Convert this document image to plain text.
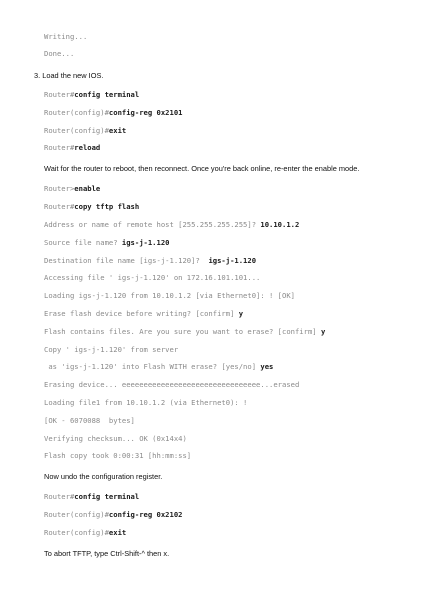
Writing...
Done...
3. Load the new IOS.
Router#config terminal
Router(config)#config-reg 0x2101
Router(config)#exit
Router#reload
Wait for the router to reboot, then reconnect. Once you're back online, re-enter the enable mode.
Router>enable
Router#copy tftp flash
Address or name of remote host [255.255.255.255]? 10.10.1.2
Source file name? igs-j-1.120
Destination file name [igs-j-1.120]?  igs-j-1.120
Accessing file ' igs-j-1.120' on 172.16.101.101...
Loading igs-j-1.120 from 10.10.1.2 [via Ethernet0]: ! [OK]
Erase flash device before writing? [confirm] y
Flash contains files. Are you sure you want to erase? [confirm] y
Copy ' igs-j-1.120' from server
as 'igs-j-1.120' into Flash WITH erase? [yes/no] yes
Erasing device... eeeeeeeeeeeeeeeeeeeeeeeeeeeeeeee...erased
Loading file1 from 10.10.1.2 (via Ethernet0): !
[OK - 6070088  bytes]
Verifying checksum... OK (0x14x4)
Flash copy took 0:00:31 [hh:mm:ss]
Now undo the configuration register.
Router#config terminal
Router(config)#config-reg 0x2102
Router(config)#exit
To abort TFTP, type Ctrl-Shift-^ then x.
